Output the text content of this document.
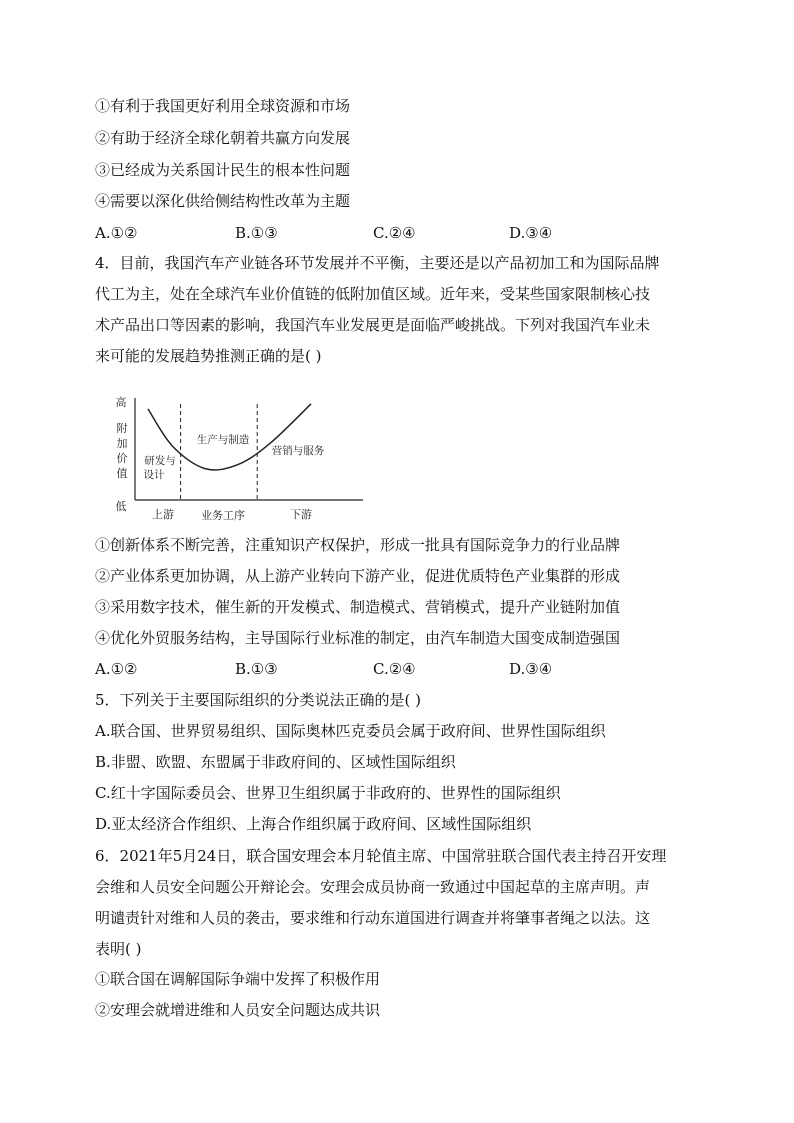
①有利于我国更好利用全球资源和市场
②有助于经济全球化朝着共赢方向发展
③已经成为关系国计民生的根本性问题
④需要以深化供给侧结构性改革为主题
A.①②	B.①③	C.②④	D.③④
4．目前，我国汽车产业链各环节发展并不平衡，主要还是以产品初加工和为国际品牌
代工为主，处在全球汽车业价值链的低附加值区域。近年来，受某些国家限制核心技
术产品出口等因素的影响，我国汽车业发展更是面临严峻挑战。下列对我国汽车业未
来可能的发展趋势推测正确的是( )
高
低
附
加
价
值
研发与
设计
生产与制造
营销与服务
上游 业务工序	下游
①创新体系不断完善，注重知识产权保护，形成一批具有国际竞争力的行业品牌
②产业体系更加协调，从上游产业转向下游产业，促进优质特色产业集群的形成
③采用数字技术，催生新的开发模式、制造模式、营销模式，提升产业链附加值
④优化外贸服务结构，主导国际行业标准的制定，由汽车制造大国变成制造强国
A.①②	B.①③	C.②④	D.③④
5．下列关于主要国际组织的分类说法正确的是( )
A.联合国、世界贸易组织、国际奥林匹克委员会属于政府间、世界性国际组织
B.非盟、欧盟、东盟属于非政府间的、区域性国际组织
C.红十字国际委员会、世界卫生组织属于非政府的、世界性的国际组织
D.亚太经济合作组织、上海合作组织属于政府间、区域性国际组织
6．2021年5月24日，联合国安理会本月轮值主席、中国常驻联合国代表主持召开安理
会维和人员安全问题公开辩论会。安理会成员协商一致通过中国起草的主席声明。声
明谴责针对维和人员的袭击，要求维和行动东道国进行调查并将肇事者绳之以法。这
表明( )
①联合国在调解国际争端中发挥了积极作用
②安理会就增进维和人员安全问题达成共识
